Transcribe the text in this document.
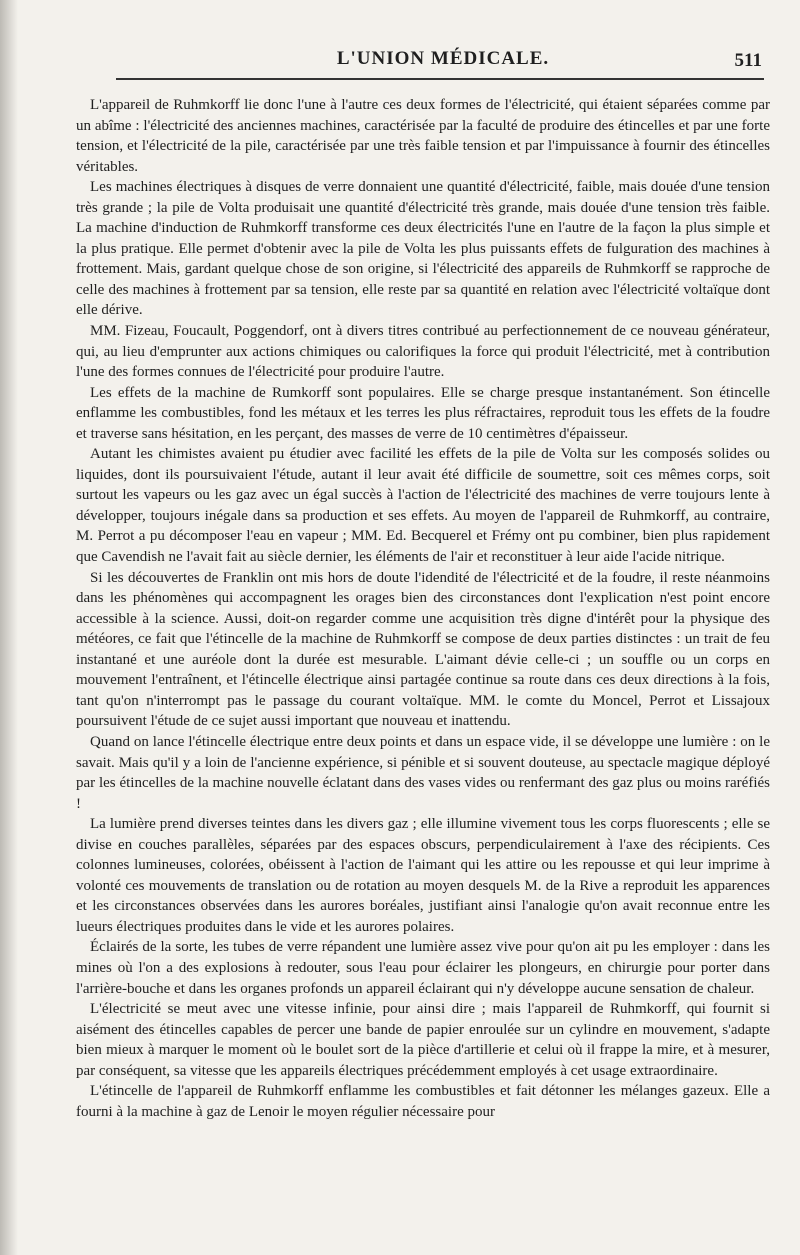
L'UNION MÉDICALE.	511

L'appareil de Ruhmkorff lie donc l'une à l'autre ces deux formes de l'électricité, qui étaient séparées comme par un abîme : l'électricité des anciennes machines, caractérisée par la faculté de produire des étincelles et par une forte tension, et l'électricité de la pile, caractérisée par une très faible tension et par l'impuissance à fournir des étincelles véritables.

Les machines électriques à disques de verre donnaient une quantité d'électricité, faible, mais douée d'une tension très grande ; la pile de Volta produisait une quantité d'électricité très grande, mais douée d'une tension très faible. La machine d'induction de Ruhmkorff transforme ces deux électricités l'une en l'autre de la façon la plus simple et la plus pratique. Elle permet d'obtenir avec la pile de Volta les plus puissants effets de fulguration des machines à frottement. Mais, gardant quelque chose de son origine, si l'électricité des appareils de Ruhmkorff se rapproche de celle des machines à frottement par sa tension, elle reste par sa quantité en relation avec l'électricité voltaïque dont elle dérive.

MM. Fizeau, Foucault, Poggendorf, ont à divers titres contribué au perfectionnement de ce nouveau générateur, qui, au lieu d'emprunter aux actions chimiques ou calorifiques la force qui produit l'électricité, met à contribution l'une des formes connues de l'électricité pour produire l'autre.

Les effets de la machine de Rumkorff sont populaires. Elle se charge presque instantanément. Son étincelle enflamme les combustibles, fond les métaux et les terres les plus réfractaires, reproduit tous les effets de la foudre et traverse sans hésitation, en les perçant, des masses de verre de 10 centimètres d'épaisseur.

Autant les chimistes avaient pu étudier avec facilité les effets de la pile de Volta sur les composés solides ou liquides, dont ils poursuivaient l'étude, autant il leur avait été difficile de soumettre, soit ces mêmes corps, soit surtout les vapeurs ou les gaz avec un égal succès à l'action de l'électricité des machines de verre toujours lente à développer, toujours inégale dans sa production et ses effets. Au moyen de l'appareil de Ruhmkorff, au contraire, M. Perrot a pu décomposer l'eau en vapeur ; MM. Ed. Becquerel et Frémy ont pu combiner, bien plus rapidement que Cavendish ne l'avait fait au siècle dernier, les éléments de l'air et reconstituer à leur aide l'acide nitrique.

Si les découvertes de Franklin ont mis hors de doute l'idendité de l'électricité et de la foudre, il reste néanmoins dans les phénomènes qui accompagnent les orages bien des circonstances dont l'explication n'est point encore accessible à la science. Aussi, doit-on regarder comme une acquisition très digne d'intérêt pour la physique des météores, ce fait que l'étincelle de la machine de Ruhmkorff se compose de deux parties distinctes : un trait de feu instantané et une auréole dont la durée est mesurable. L'aimant dévie celle-ci ; un souffle ou un corps en mouvement l'entraînent, et l'étincelle électrique ainsi partagée continue sa route dans ces deux directions à la fois, tant qu'on n'interrompt pas le passage du courant voltaïque. MM. le comte du Moncel, Perrot et Lissajoux poursuivent l'étude de ce sujet aussi important que nouveau et inattendu.

Quand on lance l'étincelle électrique entre deux points et dans un espace vide, il se développe une lumière : on le savait. Mais qu'il y a loin de l'ancienne expérience, si pénible et si souvent douteuse, au spectacle magique déployé par les étincelles de la machine nouvelle éclatant dans des vases vides ou renfermant des gaz plus ou moins raréfiés !

La lumière prend diverses teintes dans les divers gaz ; elle illumine vivement tous les corps fluorescents ; elle se divise en couches parallèles, séparées par des espaces obscurs, perpendiculairement à l'axe des récipients. Ces colonnes lumineuses, colorées, obéissent à l'action de l'aimant qui les attire ou les repousse et qui leur imprime à volonté ces mouvements de translation ou de rotation au moyen desquels M. de la Rive a reproduit les apparences et les circonstances observées dans les aurores boréales, justifiant ainsi l'analogie qu'on avait reconnue entre les lueurs électriques produites dans le vide et les aurores polaires.

Éclairés de la sorte, les tubes de verre répandent une lumière assez vive pour qu'on ait pu les employer : dans les mines où l'on a des explosions à redouter, sous l'eau pour éclairer les plongeurs, en chirurgie pour porter dans l'arrière-bouche et dans les organes profonds un appareil éclairant qui n'y développe aucune sensation de chaleur.

L'électricité se meut avec une vitesse infinie, pour ainsi dire ; mais l'appareil de Ruhmkorff, qui fournit si aisément des étincelles capables de percer une bande de papier enroulée sur un cylindre en mouvement, s'adapte bien mieux à marquer le moment où le boulet sort de la pièce d'artillerie et celui où il frappe la mire, et à mesurer, par conséquent, sa vitesse que les appareils électriques précédemment employés à cet usage extraordinaire.

L'étincelle de l'appareil de Ruhmkorff enflamme les combustibles et fait détonner les mélanges gazeux. Elle a fourni à la machine à gaz de Lenoir le moyen régulier nécessaire pour
